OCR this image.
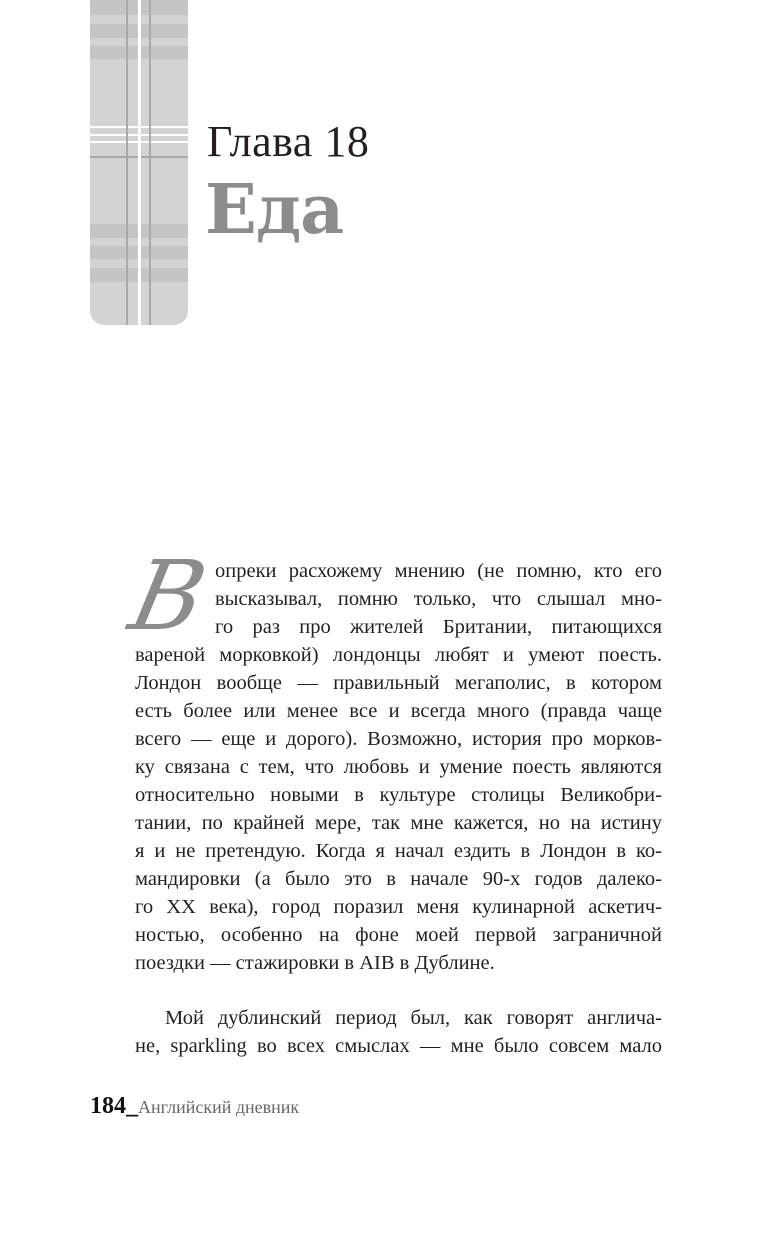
Глава 18
Еда
В опреки расхожему мнению (не помню, кто его
высказывал, помню только, что слышал мно-
го раз про жителей Британии, питающихся
вареной морковкой) лондонцы любят и умеют поесть.
Лондон вообще — правильный мегаполис, в котором
есть более или менее все и всегда много (правда чаще
всего — еще и дорого). Возможно, история про морков-
ку связана с тем, что любовь и умение поесть являются
относительно новыми в культуре столицы Великобри-
тании, по крайней мере, так мне кажется, но на истину
я и не претендую. Когда я начал ездить в Лондон в ко-
мандировки (а было это в начале 90-х годов далеко-
го XX века), город поразил меня кулинарной аскетич-
ностью, особенно на фоне моей первой заграничной
поездки — стажировки в AIB в Дублине.
Мой дублинский период был, как говорят англича-
не, sparkling во всех смыслах — мне было совсем мало
184_Английский дневник
